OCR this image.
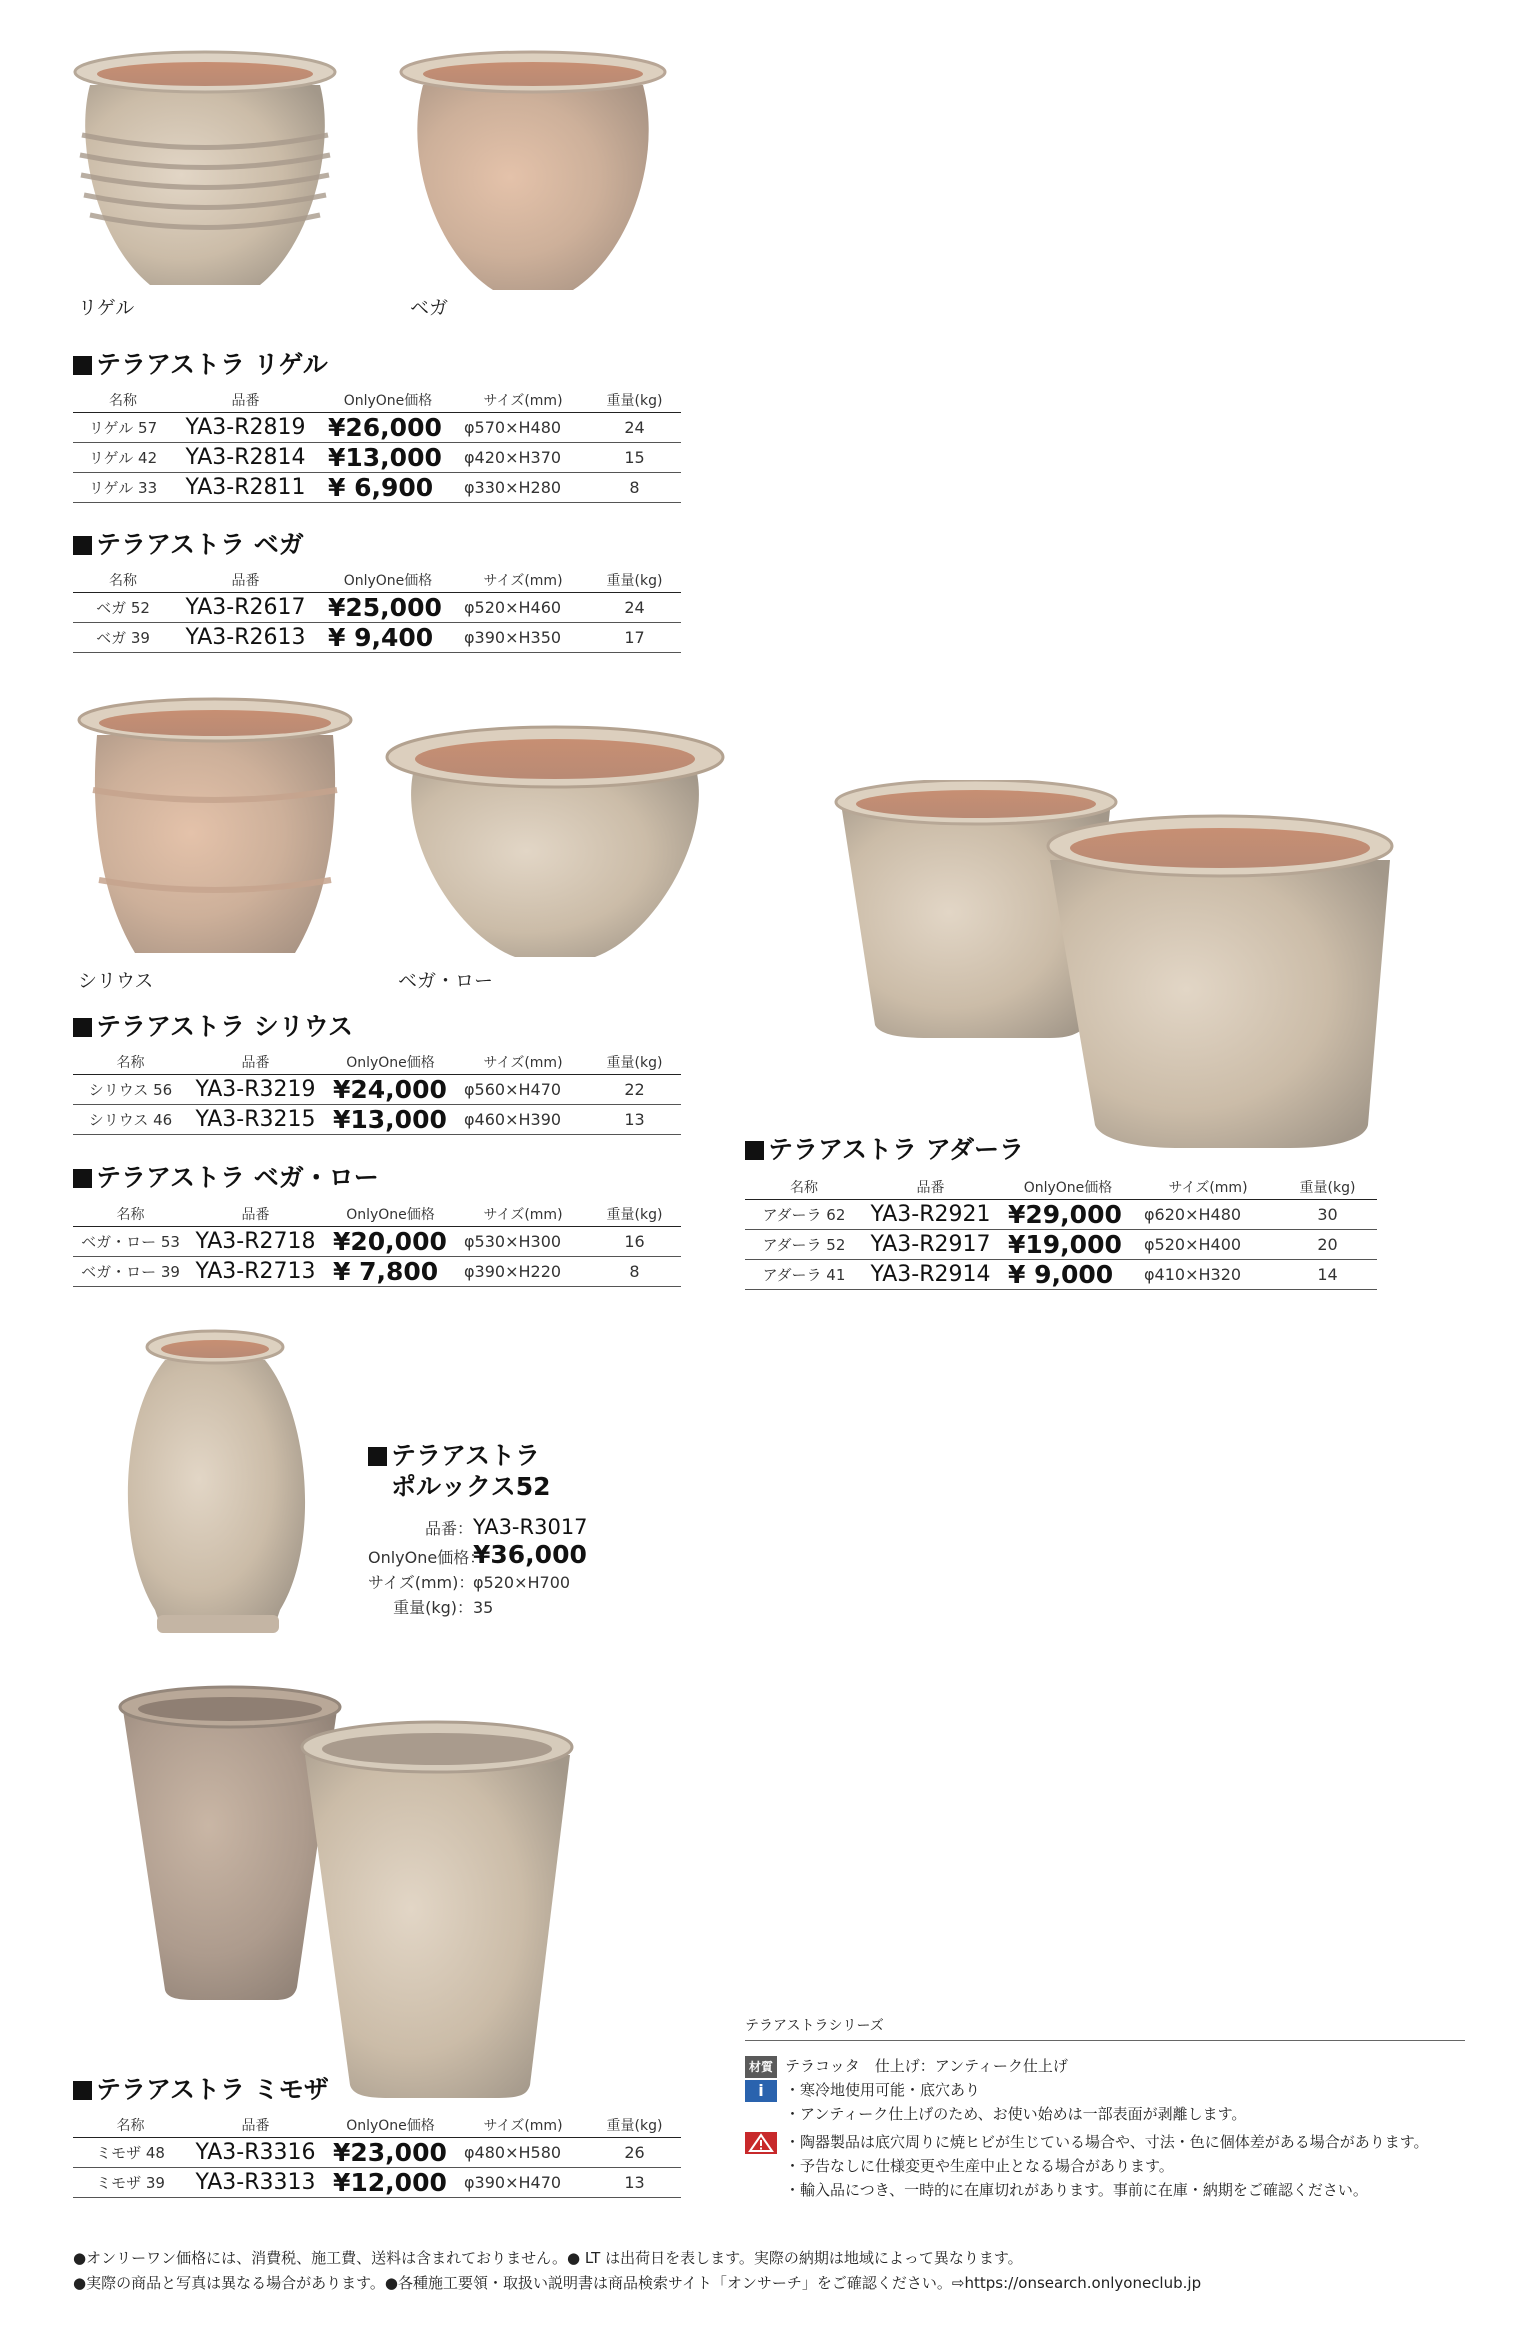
リゲル	ベガ
テラアストラ リゲル
名称	品番	OnlyOne価格	サイズ(mm)	重量(kg)
リゲル 57	YA3-R2819	¥26,000	φ570×H480	24
リゲル 42	YA3-R2814	¥13,000	φ420×H370	15
リゲル 33	YA3-R2811	¥ 6,900	φ330×H280	8
テラアストラ ベガ
名称	品番	OnlyOne価格	サイズ(mm)	重量(kg)
ベガ 52	YA3-R2617	¥25,000	φ520×H460	24
ベガ 39	YA3-R2613	¥ 9,400	φ390×H350	17
シリウス	ベガ・ロー
テラアストラ シリウス
名称	品番	OnlyOne価格	サイズ(mm)	重量(kg)
シリウス 56	YA3-R3219	¥24,000	φ560×H470	22
シリウス 46	YA3-R3215	¥13,000	φ460×H390	13
テラアストラ ベガ・ロー
名称	品番	OnlyOne価格	サイズ(mm)	重量(kg)
ベガ・ロー 53	YA3-R2718	¥20,000	φ530×H300	16
ベガ・ロー 39	YA3-R2713	¥ 7,800	φ390×H220	8
テラアストラ アダーラ
名称	品番	OnlyOne価格	サイズ(mm)	重量(kg)
アダーラ 62	YA3-R2921	¥29,000	φ620×H480	30
アダーラ 52	YA3-R2917	¥19,000	φ520×H400	20
アダーラ 41	YA3-R2914	¥ 9,000	φ410×H320	14
テラアストラ
ポルックス52
品番：YA3-R3017
OnlyOne価格：¥36,000
サイズ(mm)：φ520×H700
重量(kg)：35
テラアストラ ミモザ
名称	品番	OnlyOne価格	サイズ(mm)	重量(kg)
ミモザ 48	YA3-R3316	¥23,000	φ480×H580	26
ミモザ 39	YA3-R3313	¥12,000	φ390×H470	13
テラアストラシリーズ
材質 テラコッタ　仕上げ：アンティーク仕上げ
i ・寒冷地使用可能・底穴あり
・アンティーク仕上げのため、お使い始めは一部表面が剥離します。
・陶器製品は底穴周りに焼ヒビが生じている場合や、寸法・色に個体差がある場合があります。
・予告なしに仕様変更や生産中止となる場合があります。
・輸入品につき、一時的に在庫切れがあります。事前に在庫・納期をご確認ください。
●オンリーワン価格には、消費税、施工費、送料は含まれておりません。● LT は出荷日を表します。実際の納期は地域によって異なります。
●実際の商品と写真は異なる場合があります。●各種施工要領・取扱い説明書は商品検索サイト「オンサーチ」をご確認ください。⇨https://onsearch.onlyoneclub.jp
